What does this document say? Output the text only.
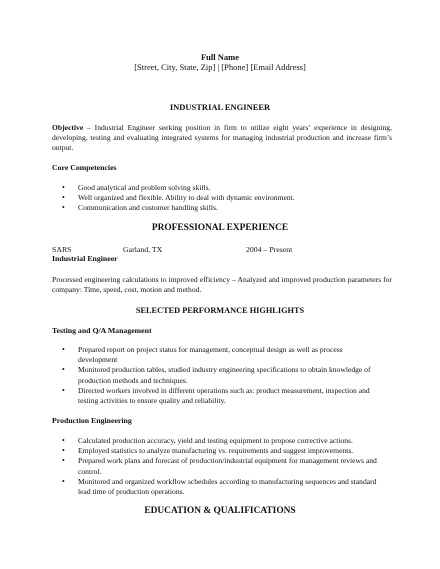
Full Name
[Street, City, State, Zip] | [Phone] [Email Address]
INDUSTRIAL ENGINEER
Objective – Industrial Engineer seeking position in firm to utilize eight years’ experience in designing, developing, testing and evaluating integrated systems for managing industrial production and increase firm’s output.
Core Competencies
• Good analytical and problem solving skills.
• Well organized and flexible. Ability to deal with dynamic environment.
• Communication and customer handling skills.
PROFESSIONAL EXPERIENCE
SARS	Garland, TX	2004 – Present
Industrial Engineer
Processed engineering calculations to improved efficiency – Analyzed and improved production parameters for company: Time, speed, cost, motion and method.
SELECTED PERFORMANCE HIGHLIGHTS
Testing and Q/A Management
• Prepared report on project status for management, conceptual design as well as process development
• Monitored production tables, studied industry engineering specifications to obtain knowledge of production methods and techniques.
• Directed workers involved in different operations such as: product measurement, inspection and testing activities to ensure quality and reliability.
Production Engineering
• Calculated production accuracy, yield and testing equipment to propose corrective actions.
• Employed statistics to analyze manufacturing vs. requirements and suggest improvements.
• Prepared work plans and forecast of production/industrial equipment for management reviews and control.
• Monitored and organized workflow schedules according to manufacturing sequences and standard lead time of production operations.
EDUCATION & QUALIFICATIONS
